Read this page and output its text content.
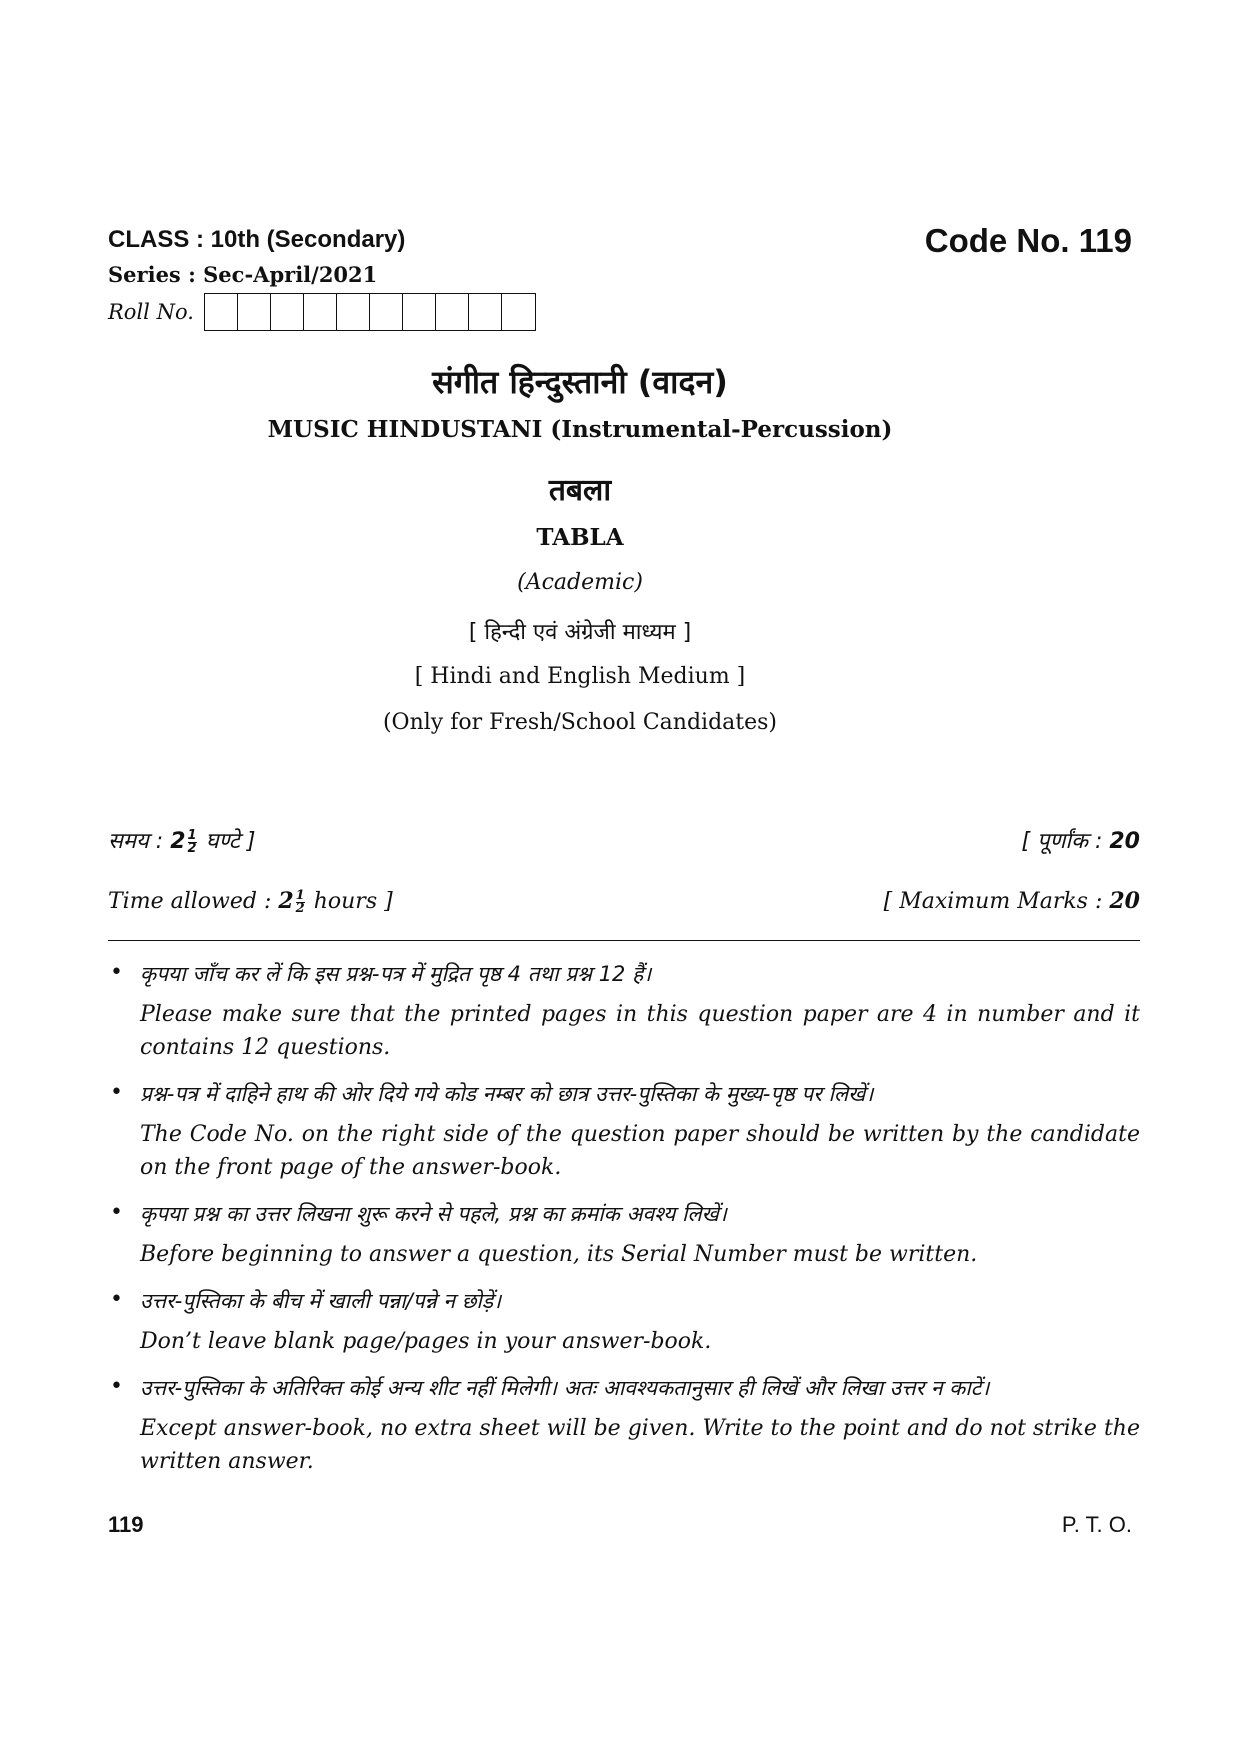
CLASS : 10th (Secondary)
Series : Sec-April/2021
Roll No.
Code No. 119
संगीत हिन्दुस्तानी (वादन)
MUSIC HINDUSTANI (Instrumental-Percussion)
तबला
TABLA
(Academic)
[ हिन्दी एवं अंग्रेजी माध्यम ]
[ Hindi and English Medium ]
(Only for Fresh/School Candidates)
समय : $2 \frac{1}{2}$ घण्टे ]	[ पूर्णांक : 20
Time allowed : $2 \frac{1}{2}$ hours ]	[ Maximum Marks : 20
• कृपया जाँच कर लें कि इस प्रश्न-पत्र में मुद्रित पृष्ठ 4 तथा प्रश्न 12 हैं।
Please make sure that the printed pages in this question paper are 4 in number and it contains 12 questions.
• प्रश्न-पत्र में दाहिने हाथ की ओर दिये गये कोड नम्बर को छात्र उत्तर-पुस्तिका के मुख्य-पृष्ठ पर लिखें।
The Code No. on the right side of the question paper should be written by the candidate on the front page of the answer-book.
• कृपया प्रश्न का उत्तर लिखना शुरू करने से पहले, प्रश्न का क्रमांक अवश्य लिखें।
Before beginning to answer a question, its Serial Number must be written.
• उत्तर-पुस्तिका के बीच में खाली पन्ना/पन्ने न छोड़ें।
Don’t leave blank page/pages in your answer-book.
• उत्तर-पुस्तिका के अतिरिक्त कोई अन्य शीट नहीं मिलेगी। अतः आवश्यकतानुसार ही लिखें और लिखा उत्तर न काटें।
Except answer-book, no extra sheet will be given. Write to the point and do not strike the written answer.
119	P. T. O.
